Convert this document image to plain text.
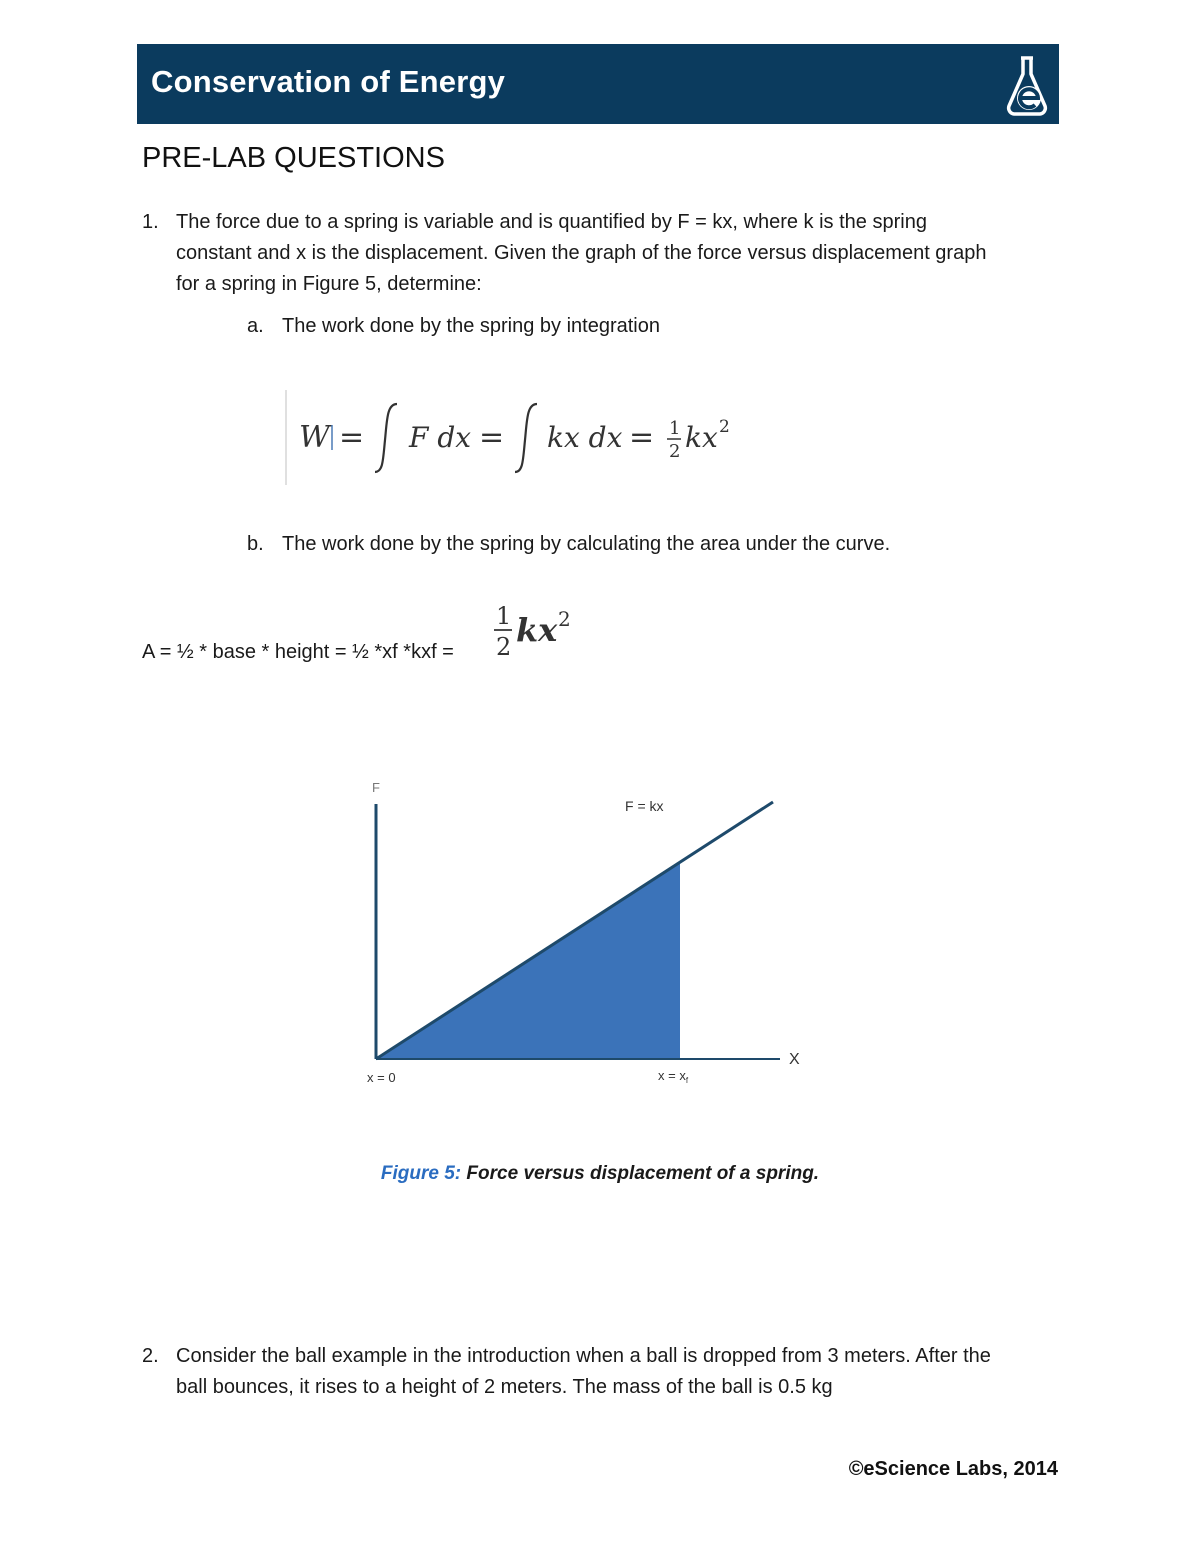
Conservation of Energy
PRE-LAB QUESTIONS
1. The force due to a spring is variable and is quantified by F = kx, where k is the spring
constant and x is the displacement. Given the graph of the force versus displacement graph
for a spring in Figure 5, determine:
a. The work done by the spring by integration
W = F dx = kx dx = 1
2 kx 2
b. The work done by the spring by calculating the area under the curve.
A = ½ * base * height = ½ *xf *kxf =
1
2 kx 2
F
X
F = kx
x = 0	$x = x_f$
Figure 5: Force versus displacement of a spring.
2. Consider the ball example in the introduction when a ball is dropped from 3 meters. After the
ball bounces, it rises to a height of 2 meters. The mass of the ball is 0.5 kg
©eScience Labs, 2014
